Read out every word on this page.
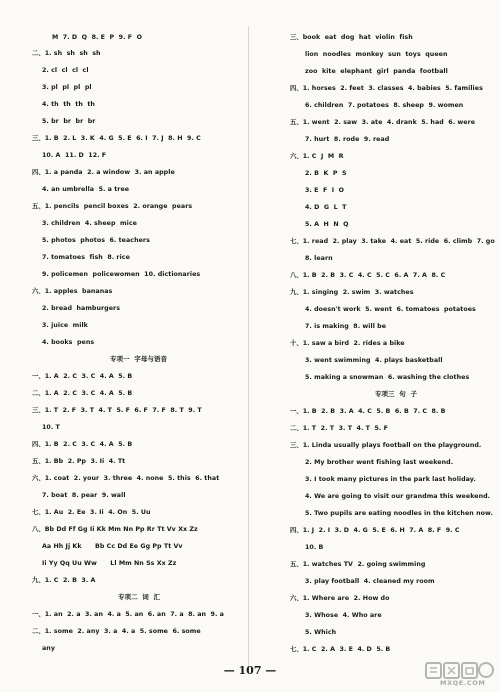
M  7. D  Q  8. E  P  9. F  O
二、1. sh  sh  sh  sh
2. cl  cl  cl  cl
3. pl  pl  pl  pl
4. th  th  th  th
5. br  br  br  br
三、1. B  2. L  3. K  4. G  5. E  6. I  7. J  8. H  9. C
10. A  11. D  12. F
四、1. a panda  2. a window  3. an apple
4. an umbrella  5. a tree
五、1. pencils  pencil boxes  2. orange  pears
3. children  4. sheep  mice
5. photos  photos  6. teachers
7. tomatoes  fish  8. rice
9. policemen  policewomen  10. dictionaries
六、1. apples  bananas
2. bread  hamburgers
3. juice  milk
4. books  pens
专项一  字母与语音
一、1. A  2. C  3. C  4. A  5. B
二、1. A  2. C  3. C  4. A  5. B
三、1. T  2. F  3. T  4. T  5. F  6. F  7. F  8. T  9. T
10. T
四、1. B  2. C  3. C  4. A  5. B
五、1. Bb  2. Pp  3. Ii  4. Tt
六、1. coat  2. your  3. three  4. none  5. this  6. that
7. boat  8. pear  9. wall
七、1. Au  2. Ee  3. Ii  4. On  5. Uu
八、Bb Dd Ff Gg Ii Kk Mm Nn Pp Rr Tt Vv Xx Zz
Aa Hh Jj Kk      Bb Cc Dd Ee Gg Pp Tt Vv
Ii Yy Qq Uu Ww      Ll Mm Nn Ss Xx Zz
九、1. C  2. B  3. A
专项二  词  汇
一、1. an  2. a  3. an  4. a  5. an  6. an  7. a  8. an  9. a
二、1. some  2. any  3. a  4. a  5. some  6. some
any
三、book  eat  dog  hat  violin  fish
lion  noodles  monkey  sun  toys  queen
zoo  kite  elephant  girl  panda  football
四、1. horses  2. feet  3. classes  4. babies  5. families
6. children  7. potatoes  8. sheep  9. women
五、1. went  2. saw  3. ate  4. drank  5. had  6. were
7. hurt  8. rode  9. read
六、1. C  J  M  R
2. B  K  P  S
3. E  F  I  O
4. D  G  L  T
5. A  H  N  Q
七、1. read  2. play  3. take  4. eat  5. ride  6. climb  7. go
8. learn
八、1. B  2. B  3. C  4. C  5. C  6. A  7. A  8. C
九、1. singing  2. swim  3. watches
4. doesn't work  5. went  6. tomatoes  potatoes
7. is making  8. will be
十、1. saw a bird  2. rides a bike
3. went swimming  4. plays basketball
5. making a snowman  6. washing the clothes
专项三  句  子
一、1. B  2. B  3. A  4. C  5. B  6. B  7. C  8. B
二、1. T  2. T  3. T  4. T  5. F
三、1. Linda usually plays football on the playground.
2. My brother went fishing last weekend.
3. I took many pictures in the park last holiday.
4. We are going to visit our grandma this weekend.
5. Two pupils are eating noodles in the kitchen now.
四、1. J  2. I  3. D  4. G  5. E  6. H  7. A  8. F  9. C
10. B
五、1. watches TV  2. going swimming
3. play football  4. cleaned my room
六、1. Where are  2. How do
3. Whose  4. Who are
5. Which
七、1. C  2. A  3. E  4. D  5. B
·
·
— 107 —
MXQE.COM
